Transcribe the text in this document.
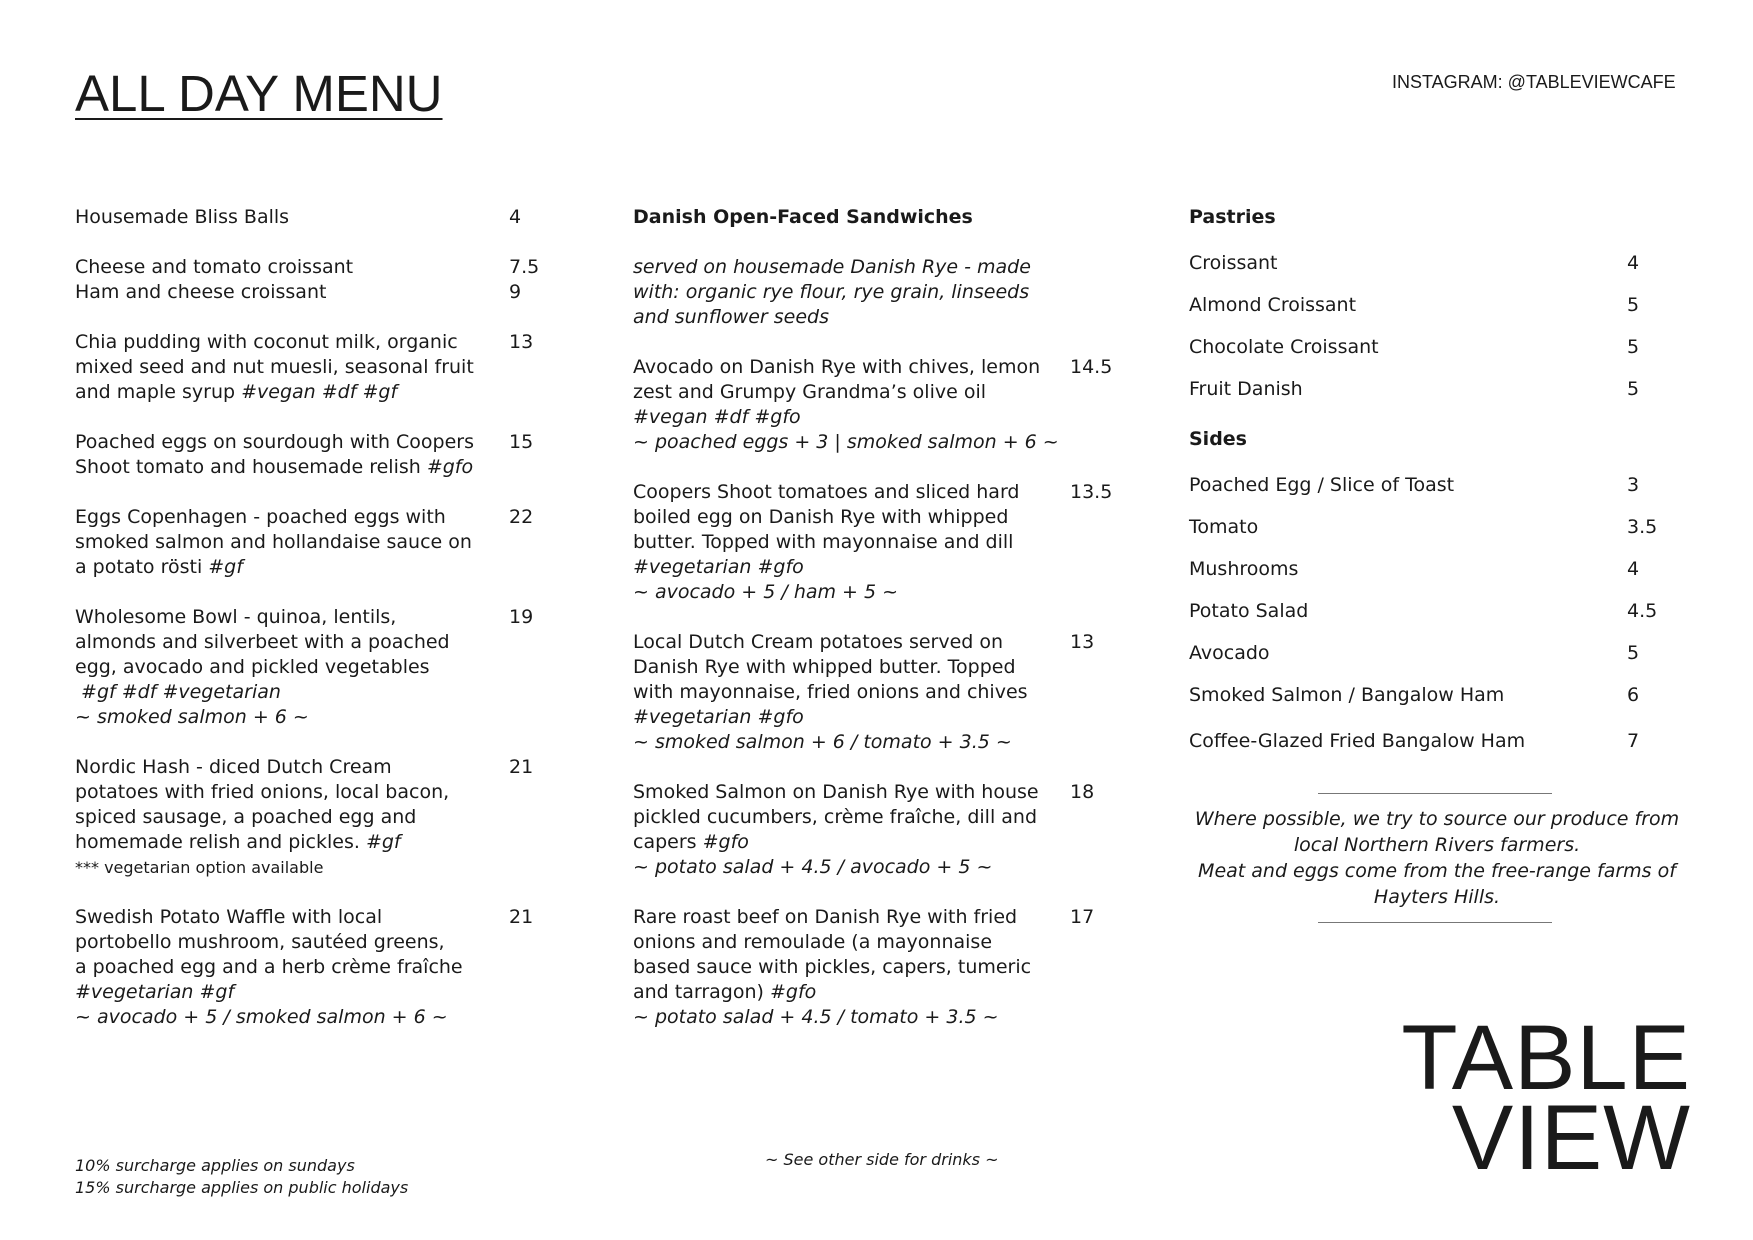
ALL DAY MENU	INSTAGRAM: @TABLEVIEWCAFE
Housemade Bliss Balls	4
Cheese and tomato croissant	7.5
Ham and cheese croissant	9
Chia pudding with coconut milk, organic
mixed seed and nut muesli, seasonal fruit
and maple syrup #vegan #df #gf
13
Poached eggs on sourdough with Coopers
Shoot tomato and housemade relish #gfo
15
Eggs Copenhagen - poached eggs with
smoked salmon and hollandaise sauce on
a potato rösti #gf
22
Wholesome Bowl - quinoa, lentils,
almonds and silverbeet with a poached
egg, avocado and pickled vegetables
#gf #df #vegetarian
~ smoked salmon + 6 ~
19
Nordic Hash - diced Dutch Cream
potatoes with fried onions, local bacon,
spiced sausage, a poached egg and
homemade relish and pickles. #gf
*** vegetarian option available
21
Swedish Potato Waffle with local
portobello mushroom, sautéed greens,
a poached egg and a herb crème fraîche
#vegetarian #gf
~ avocado + 5 / smoked salmon + 6 ~
21
Danish Open-Faced Sandwiches
served on housemade Danish Rye - made
with: organic rye flour, rye grain, linseeds
and sunflower seeds
Avocado on Danish Rye with chives, lemon
zest and Grumpy Grandma’s olive oil
#vegan #df #gfo
~ poached eggs + 3 | smoked salmon + 6 ~
14.5
Coopers Shoot tomatoes and sliced hard
boiled egg on Danish Rye with whipped
butter. Topped with mayonnaise and dill
#vegetarian #gfo
~ avocado + 5 / ham + 5 ~
13.5
Local Dutch Cream potatoes served on
Danish Rye with whipped butter. Topped
with mayonnaise, fried onions and chives
#vegetarian #gfo
~ smoked salmon + 6 / tomato + 3.5 ~
13
Smoked Salmon on Danish Rye with house
pickled cucumbers, crème fraîche, dill and
capers #gfo
~ potato salad + 4.5 / avocado + 5 ~
18
Rare roast beef on Danish Rye with fried
onions and remoulade (a mayonnaise
based sauce with pickles, capers, tumeric
and tarragon) #gfo
~ potato salad + 4.5 / tomato + 3.5 ~
17
Pastries
Croissant	4
Almond Croissant	5
Chocolate Croissant	5
Fruit Danish	5
Sides
Poached Egg / Slice of Toast	3
Tomato	3.5
Mushrooms	4
Potato Salad	4.5
Avocado	5
Smoked Salmon / Bangalow Ham	6
Coffee-Glazed Fried Bangalow Ham	7
Where possible, we try to source our produce from
local Northern Rivers farmers.
Meat and eggs come from the free-range farms of
Hayters Hills.
10% surcharge applies on sundays
15% surcharge applies on public holidays
~ See other side for drinks ~
TABLE
VIEW
